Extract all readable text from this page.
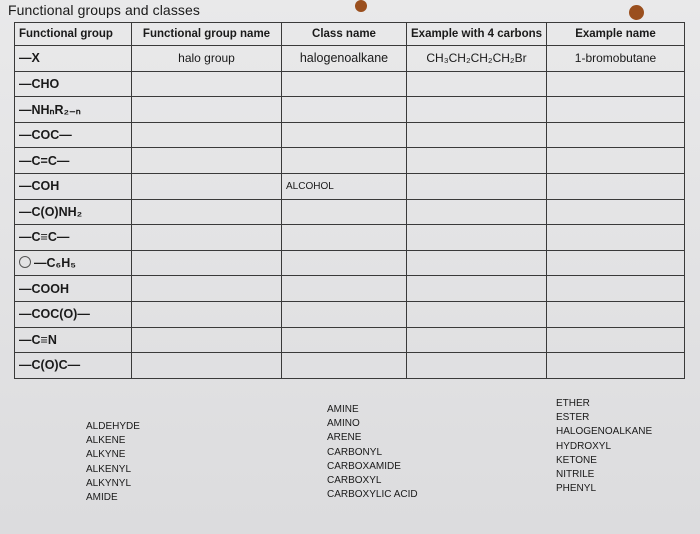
Functional groups and classes
Functional group	Functional group name	Class name	Example with 4 carbons	Example name
—X	halo group	halogenoalkane	CH₃CH₂CH₂CH₂Br	1-bromobutane
—CHO				
—NHₙR₂₋ₙ				
—COC—				
—C=C—				
—COH		ALCOHOL		
—C(O)NH₂				
—C≡C—				
—C₆H₅				
—COOH				
—COC(O)—				
—C≡N				
—C(O)C—				
ALDEHYDE
ALKENE
ALKYNE
ALKENYL
ALKYNYL
AMIDE
AMINE
AMINO
ARENE
CARBONYL
CARBOXAMIDE
CARBOXYL
CARBOXYLIC ACID
ETHER
ESTER
HALOGENOALKANE
HYDROXYL
KETONE
NITRILE
PHENYL
